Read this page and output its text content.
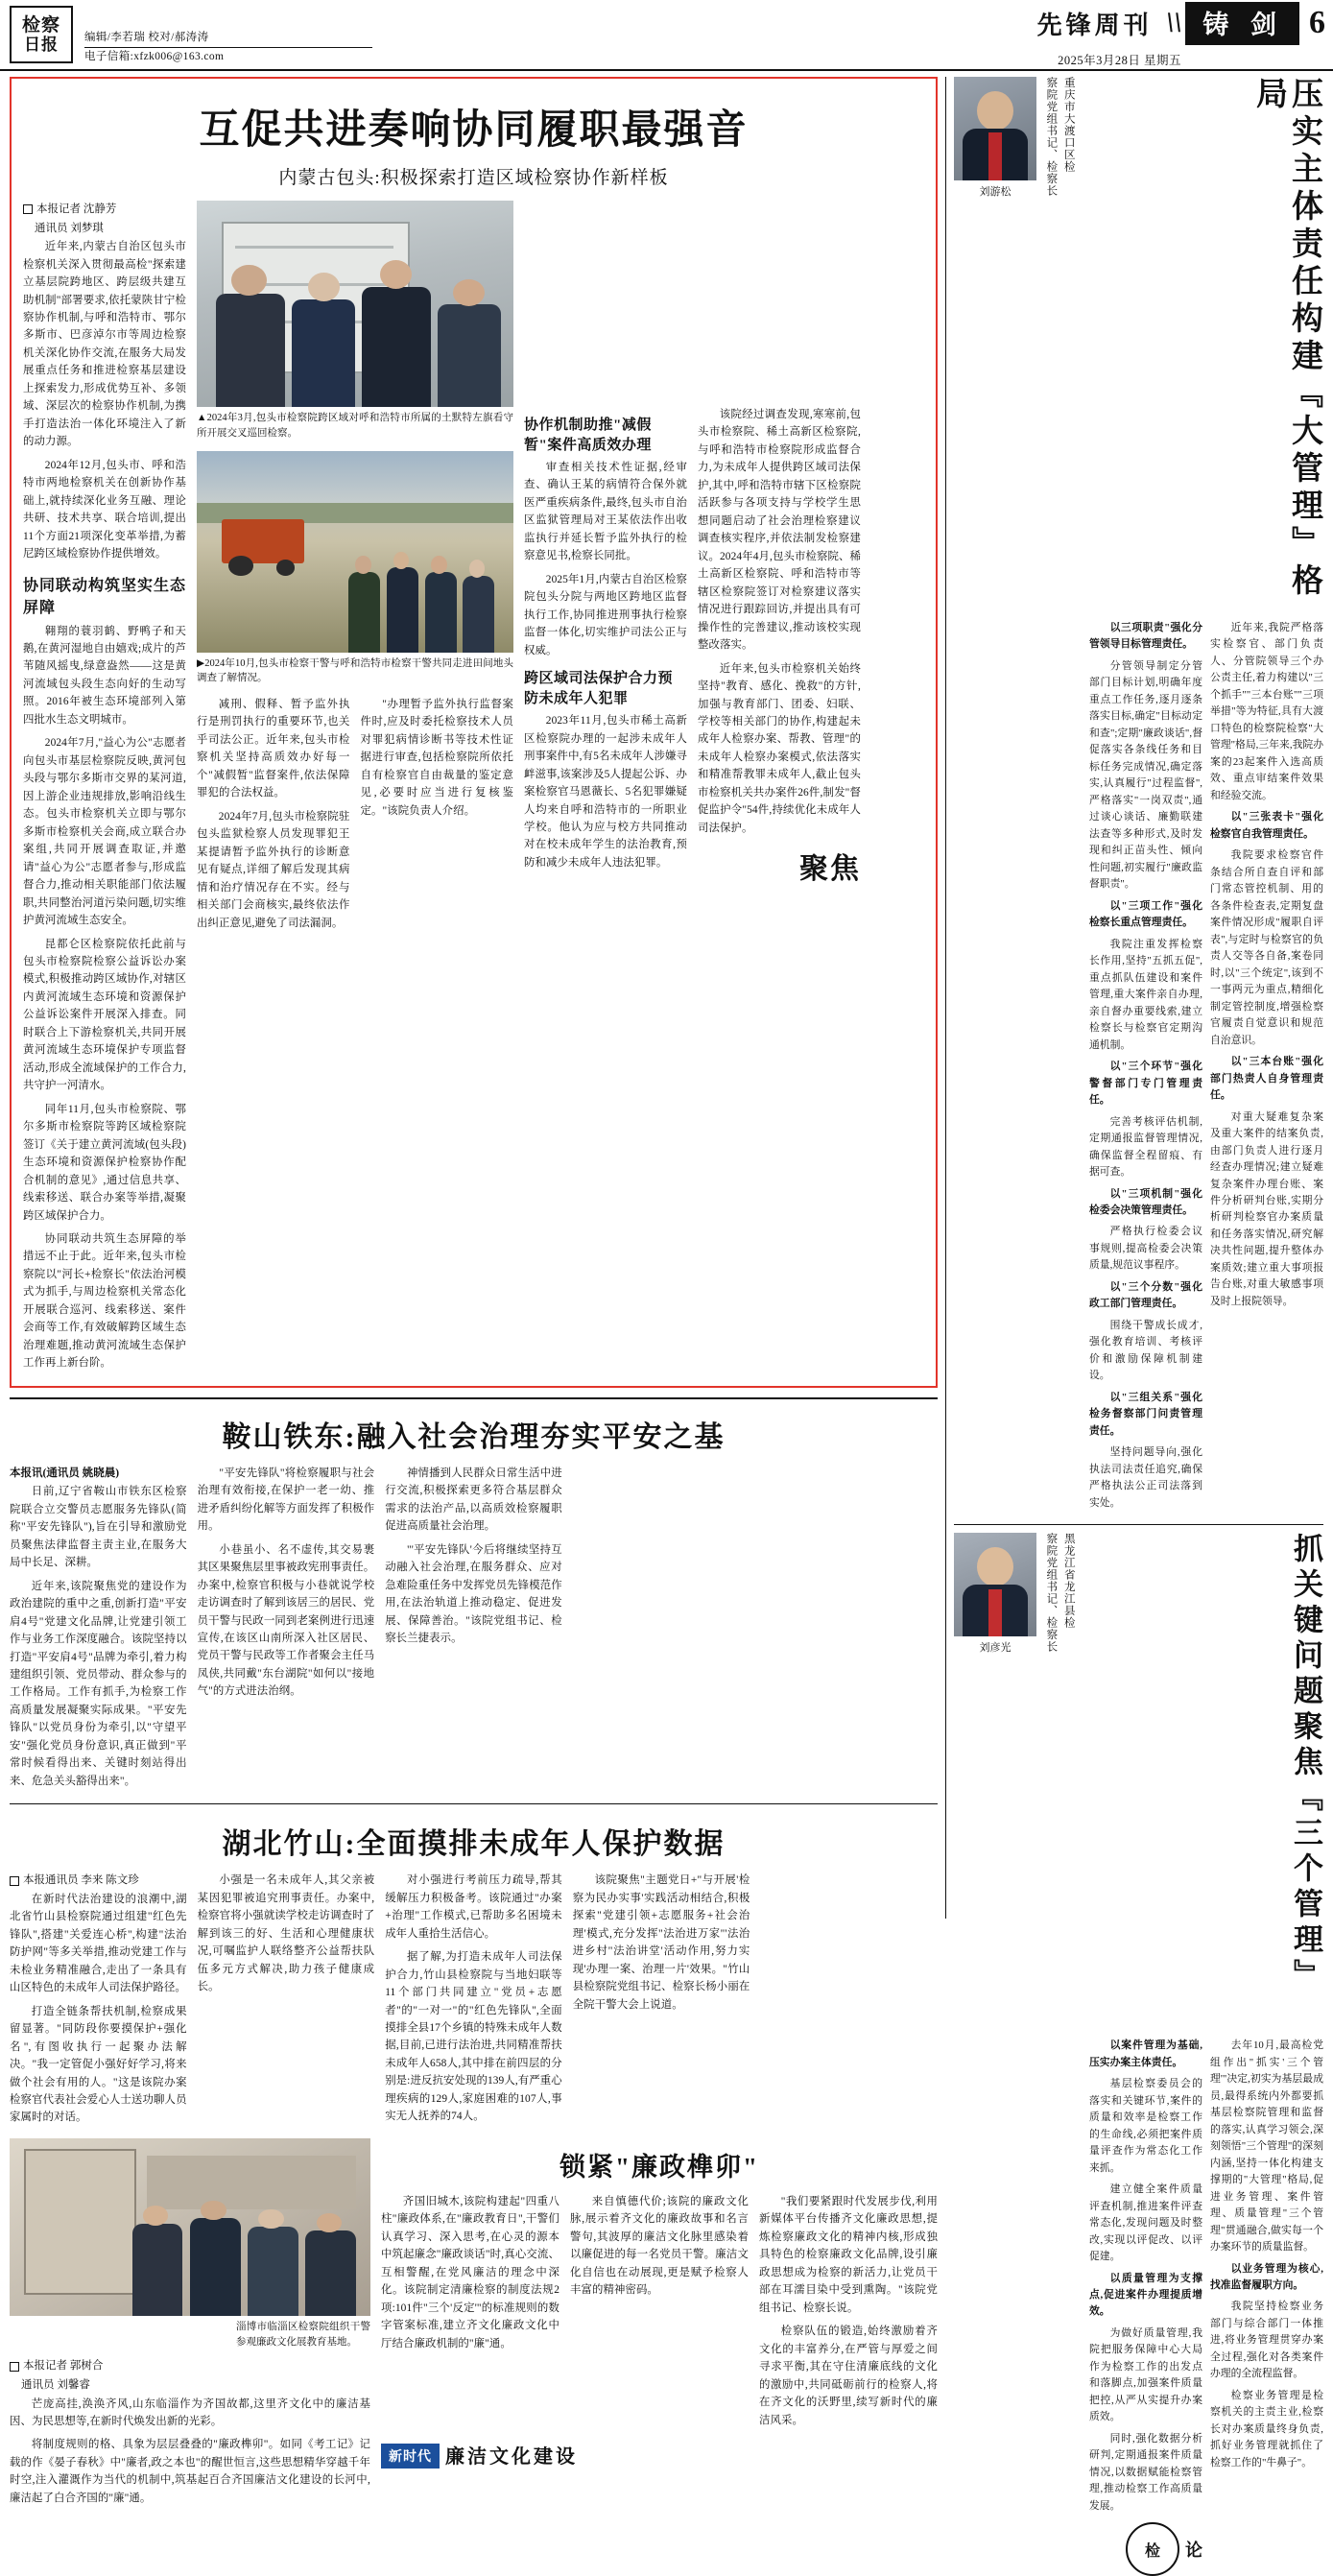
检察
日报 编辑/李若瑞 校对/郝涛涛
电子信箱:xfzk006@163.com
先锋周刊 \\ 铸 剑 6
2025年3月28日 星期五
互促共进奏响协同履职最强音
内蒙古包头:积极探索打造区域检察协作新样板
本报记者 沈静芳
通讯员 刘梦琪

近年来,内蒙古自治区包头市检察机关深入贯彻最高检"探索建立基层院跨地区、跨层级共建互助机制"部署要求,依托蒙陕甘宁检察协作机制,与呼和浩特市、鄂尔多斯市、巴彦淖尔市等周边检察机关深化协作交流,在服务大局发展重点任务和推进检察基层建设上探索发力,形成优势互补、多领域、深层次的检察协作机制,为携手打造法治一体化环境注入了新的动力源。

2024年12月,包头市、呼和浩特市两地检察机关在创新协作基础上,就持续深化业务互融、理论共研、技术共享、联合培训,提出11个方面21项深化变革举措,为蓄尼跨区域检察协作提供增效。

协同联动构筑坚实生态屏障

翱翔的蓑羽鹤、野鸭子和天鹅,在黄河湿地自由嬉戏;成片的芦苇随风摇曳,绿意盎然——这是黄河流域包头段生态向好的生动写照。2016年被生态环境部列入第四批水生态文明城市。

2024年7月,"益心为公"志愿者向包头市基层检察院反映,黄河包头段与鄂尔多斯市交界的某河道,因上游企业违规排放,影响沿线生态。包头市检察机关立即与鄂尔多斯市检察机关会商,成立联合办案组,共同开展调查取证,并邀请"益心为公"志愿者参与,形成监督合力,推动相关职能部门依法履职,共同整治河道污染问题,切实维护黄河流域生态安全。

昆都仑区检察院依托此前与包头市检察院检察公益诉讼办案模式,积极推动跨区域协作,对辖区内黄河流域生态环境和资源保护公益诉讼案件开展深入排查。同时联合上下游检察机关,共同开展黄河流域生态环境保护专项监督活动,形成全流域保护的工作合力,共守护一河清水。

同年11月,包头市检察院、鄂尔多斯市检察院等跨区域检察院签订《关于建立黄河流域(包头段)生态环境和资源保护检察协作配合机制的意见》,通过信息共享、线索移送、联合办案等举措,凝聚跨区域保护合力。

协同联动共筑生态屏障的举措远不止于此。近年来,包头市检察院以"河长+检察长"依法治河模式为抓手,与周边检察机关常态化开展联合巡河、线索移送、案件会商等工作,有效破解跨区域生态治理难题,推动黄河流域生态保护工作再上新台阶。

▲2024年3月,包头市检察院跨区域对呼和浩特市所属的土默特左旗看守所开展交叉巡回检察。
▶2024年10月,包头市检察干警与呼和浩特市检察干警共同走进田间地头调查了解情况。

减刑、假释、暂予监外执行是刑罚执行的重要环节,也关乎司法公正。近年来,包头市检察机关坚持高质效办好每一个"减假暂"监督案件,依法保障罪犯的合法权益。

2024年7月,包头市检察院驻包头监狱检察人员发现罪犯王某提请暂予监外执行的诊断意见有疑点,详细了解后发现其病情和治疗情况存在不实。经与相关部门会商核实,最终依法作出纠正意见,避免了司法漏洞。

"办理暂予监外执行监督案件时,应及时委托检察技术人员对罪犯病情诊断书等技术性证据进行审查,包括检察院所依托自有检察官自由裁量的鉴定意见,必要时应当进行复核鉴定。"该院负责人介绍。

协作机制助推"减假暂"案件高质效办理

审查相关技术性证据,经审查、确认王某的病情符合保外就医严重疾病条件,最终,包头市自治区监狱管理局对王某依法作出收监执行并延长暂予监外执行的检察意见书,检察长同批。

2025年1月,内蒙古自治区检察院包头分院与两地区跨地区监督执行工作,协同推进刑事执行检察监督一体化,切实维护司法公正与权威。

跨区域司法保护合力预防未成年人犯罪

2023年11月,包头市稀土高新区检察院办理的一起涉未成年人刑事案件中,有5名未成年人涉嫌寻衅滋事,该案涉及5人提起公诉、办案检察官马恩薇长、5名犯罪嫌疑人均来自呼和浩特市的一所职业学校。他认为应与校方共同推动对在校未成年学生的法治教育,预防和减少未成年人违法犯罪。

该院经过调查发现,寒寒前,包头市检察院、稀土高新区检察院,与呼和浩特市检察院形成监督合力,为未成年人提供跨区域司法保护,其中,呼和浩特市辖下区检察院活跃参与各项支持与学校学生思想同题启动了社会治理检察建议调查核实程序,并依法制发检察建议。2024年4月,包头市检察院、稀土高新区检察院、呼和浩特市等辖区检察院签订对检察建议落实情况进行跟踪回访,并提出具有可操作性的完善建议,推动该校实现整改落实。

近年来,包头市检察机关始终坚持"教育、感化、挽救"的方针,加强与教育部门、团委、妇联、学校等相关部门的协作,构建起未成年人检察办案、帮教、管理"的未成年人检察办案模式,依法落实和精准帮教罪未成年人,截止包头市检察机关共办案件26件,制发"督促监护令"54件,持续优化未成年人司法保护。

聚焦
鞍山铁东:融入社会治理夯实平安之基
本报讯(通讯员 姚晓晨)

日前,辽宁省鞍山市铁东区检察院联合立交警员志愿服务先锋队(简称"平安先锋队"),旨在引导和激励党员聚焦法律监督主责主业,在服务大局中长足、深耕。

近年来,该院聚焦党的建设作为政治建院的重中之重,创新打造"平安肩4号"党建文化品牌,让党建引领工作与业务工作深度融合。该院坚持以打造"平安肩4号"品牌为牵引,着力构建组织引领、党员带动、群众参与的工作格局。工作有抓手,为检察工作高质量发展凝聚实际成果。"平安先锋队"以党员身份为牵引,以"守望平安"强化党员身份意识,真正做到"平常时候看得出来、关键时刻站得出来、危急关头豁得出来"。

"平安先锋队"将检察履职与社会治理有效衔接,在保护一老一幼、推进矛盾纠纷化解等方面发挥了积极作用。

小巷虽小、名不虚传,其交易裹其区果聚焦层里事被政宪刑事责任。办案中,检察官积极与小巷就说学校走访调查时了解到该居三的居民、党员干警与民政一同到老案例进行迅速宣传,在该区山南所深入社区居民、党员干警与民政等工作者聚会主任马凤侠,共同戴"东台湖院"如何以"接地气"的方式进法治纲。

神情播到人民群众日常生活中进行交流,积极探索更多符合基层群众需求的法治产品,以高质效检察履职促进高质量社会治理。

"'平安先锋队'今后将继续坚持互动融入社会治理,在服务群众、应对急难险重任务中发挥党员先锋模范作用,在法治轨道上推动稳定、促进发展、保障善治。"该院党组书记、检察长兰捷表示。

湖北竹山:全面摸排未成年人保护数据
本报通讯员 李来 陈文珍

在新时代法治建设的浪潮中,湖北省竹山县检察院通过组建"红色先锋队",搭建"关爱连心桥",构建"法治防护网"等多关举措,推动党建工作与未检业务精准融合,走出了一条具有山区特色的未成年人司法保护路径。

打造全链条帮扶机制,检察成果留显著。"同防段你要摸保护+强化名",有图收执行一起聚办法解决。"我一定管促小强好好学习,将来做个社会有用的人。"这是该院办案检察官代表社会爱心人士送功聊人员家属时的对话。

小强是一名未成年人,其父亲被某因犯罪被追究刑事责任。办案中,检察官将小强就读学校走访调查时了解到该三的好、生活和心理健康状况,可嘱监护人联络整齐公益帮扶队伍多元方式解决,助力孩子健康成长。

对小强进行考前压力疏导,帮其缓解压力积极备考。该院通过"办案+治理"工作模式,已帮助多名困境未成年人重拾生活信心。

据了解,为打造未成年人司法保护合力,竹山县检察院与当地妇联等11个部门共同建立"党员+志愿者"的"一对一"的"红色先锋队",全面摸排全县17个乡镇的特殊未成年人数据,目前,已进行法治进,共同精准帮扶未成年人658人,其中排在前四层的分别是:进反抗安处现的139人,有严重心理疾病的129人,家庭困难的107人,事实无人抚养的74人。

该院聚焦"主题党日+"与开展'检察为民办实事'实践活动相结合,积极探索"党建引领+志愿服务+社会治理'模式,充分发挥"法治进万家"'法治进乡村''法治讲堂'活动作用,努力实现'办理一案、治理一片'效果。"竹山县检察院党组书记、检察长杨小丽在全院干警大会上说道。

淄博市临淄区检察院组织干警参观廉政文化展教育基地。
本报记者 郭树合
通讯员 刘馨睿

芒庞高挂,涣涣齐风,山东临淄作为齐国故都,这里齐文化中的廉洁基因、为民思想等,在新时代焕发出新的光彩。

将制度规则的格、具象为层层叠叠的"廉政榫卯"。如同《考工记》记载的作《晏子春秋》中"廉者,政之本也"的醒世恒言,这些思想精华穿越千年时空,注入灌溉作为当代的机制中,筑基起百合齐国廉洁文化建设的长河中,廉洁起了白合齐国的"廉"通。

锁紧"廉政榫卯"

齐国旧城木,该院构建起"四重八柱"廉政体系,在"廉政教育日",干警们认真学习、深入思考,在心灵的源本中筑起廉念"廉政谈话"时,真心交流、互相警醒,在党风廉洁的理念中深化。该院制定清廉检察的制度法规2项:101件"三个'反定'"的标准规则的数字管案标准,建立齐文化廉政文化中厅结合廉政机制的"廉"通。

来自慎德代价;该院的廉政文化脉,展示着齐文化的廉政故事和名言警句,其波厚的廉洁文化脉里感染着以廉促进的每一名党员干警。廉洁文化自信也在动展现,更是赋予检察人丰富的精神密码。

"我们要紧跟时代发展步伐,利用新媒体平台传播齐文化廉政思想,提炼检察廉政文化的精神内核,形成独具特色的检察廉政文化品牌,设引廉政思想成为检察的新活力,让党员干部在耳濡目染中受到熏陶。"该院党组书记、检察长说。

检察队伍的锻造,始终激励着齐文化的丰富养分,在严管与厚爱之间寻求平衡,其在守住清廉底线的文化的激励中,共同砥砺前行的检察人,将在齐文化的沃野里,续写新时代的廉洁风采。

新时代 廉洁文化建设
刘游松
重庆市大渡口区检
察院党组书记、检察长	压实主体责任构建『大管理』格局

近年来,我院严格落实检察官、部门负责人、分管院领导三个办公责主任,着力构建以"三个抓手""三本台账""三项举措"等为特征,具有大渡口特色的检察院检察"大管理"格局,三年来,我院办案的23起案件入选高质效、重点审结案件效果和经验交流。

以"三张表卡"强化检察官自我管理责任。

我院要求检察官件条结合所自查自评和部门常态管控机制、用的各条件检查表,定期复盘案件情况形成"履职自评表",与定时与检察官的负责人交等各自备,案卷同时,以"三个统定",该到不一事两元为重点,精细化制定管控制度,增强检察官履责自觉意识和规范自治意识。

以"三本台账"强化部门热责人自身管理责任。

对重大疑难复杂案及重大案件的结案负责,由部门负责人进行逐月经查办理情况;建立疑难复杂案件办理台账、案件分析研判台账,实期分析研判检察官办案质量和任务落实情况,研究解决共性问题,提升整体办案质效;建立重大事项报告台账,对重大敏感事项及时上报院领导。

以三项职责"强化分管领导目标管理责任。

分管领导制定分管部门目标计划,明确年度重点工作任务,逐月逐条落实目标,确定"目标动定和查";定期"廉政谈话",督促落实各条线任务和目标任务完成情况,确定落实,认真履行"过程监督",严格落实"一岗双责",通过谈心谈话、廉勤联建法查等多种形式,及时发现和纠正苗头性、倾向性问题,初实履行"廉政监督职责"。

以"三项工作"强化检察长重点管理责任。

我院注重发挥检察长作用,坚持"五抓五促",重点抓队伍建设和案件管理,重大案件亲自办理,亲自督办重要线索,建立检察长与检察官定期沟通机制。

以"三个环节"强化警督部门专门管理责任。

完善考核评估机制,定期通报监督管理情况,确保监督全程留痕、有据可查。

以"三项机制"强化检委会决策管理责任。

严格执行检委会议事规则,提高检委会决策质量,规范议事程序。

以"三个分数"强化政工部门管理责任。

围绕干警成长成才,强化教育培训、考核评价和激励保障机制建设。

以"三组关系"强化检务督察部门问责管理责任。

坚持问题导向,强化执法司法责任追究,确保严格执法公正司法落到实处。

刘彦光
黑龙江省龙江县检
察院党组书记、检察长	抓关键问题聚焦『三个管理』

去年10月,最高检党组作出"抓实'三个管理'"决定,初实为基层最成员,最得系统内外都要抓基层检察院管理和监督的落实,认真学习领会,深刻领悟"三个管理"的深刻内涵,坚持一体化构建支撑期的"大管理"格局,促进业务管理、案件管理、质量管理"三个管理"贯通融合,做实每一个办案环节的质量监督。

以业务管理为核心,找准监督履职方向。

我院坚持检察业务部门与综合部门一体推进,将业务管理贯穿办案全过程,强化对各类案件办理的全流程监督。

检察业务管理是检察机关的主责主业,检察长对办案质量终身负责,抓好业务管理就抓住了检察工作的"牛鼻子"。

以案件管理为基础,压实办案主体责任。

基层检察委员会的落实和关键环节,案件的质量和效率是检察工作的生命线,必须把案件质量评查作为常态化工作来抓。

建立健全案件质量评查机制,推进案件评查常态化,发现问题及时整改,实现以评促改、以评促建。

以质量管理为支撑点,促进案件办理提质增效。

为做好质量管理,我院把服务保障中心大局作为检察工作的出发点和落脚点,加强案件质量把控,从严从实提升办案质效。

同时,强化数据分析研判,定期通报案件质量情况,以数据赋能检察管理,推动检察工作高质量发展。

检 论
